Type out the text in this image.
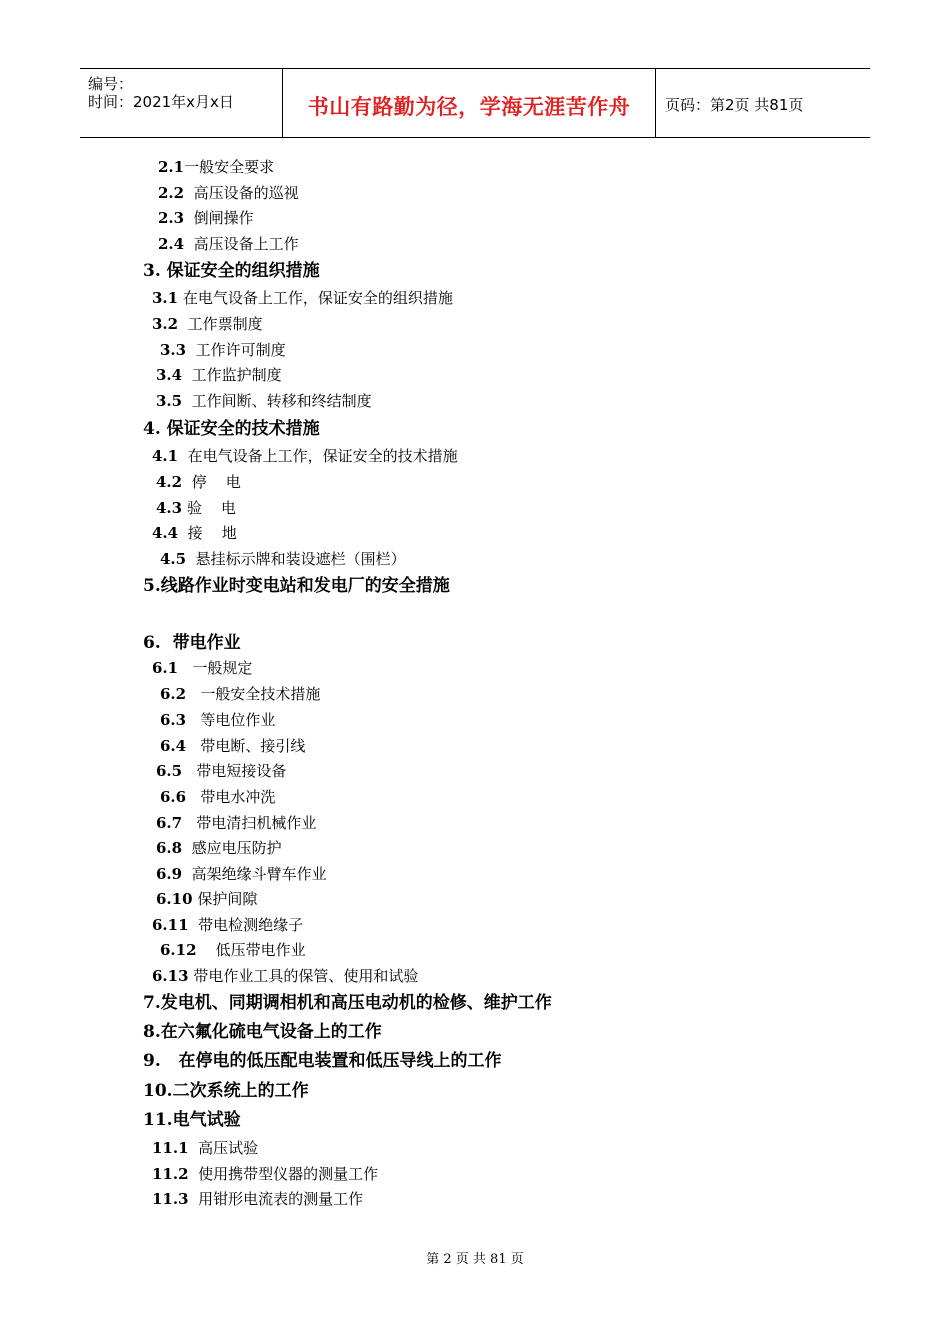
编号：
时间：2021年x月x日	书山有路勤为径，学海无涯苦作舟	页码：第2页 共81页
2.1一般安全要求
2.2  高压设备的巡视
2.3  倒闸操作
2.4  高压设备上工作
3. 保证安全的组织措施
3.1 在电气设备上工作，保证安全的组织措施
3.2  工作票制度
3.3  工作许可制度
3.4  工作监护制度
3.5  工作间断、转移和终结制度
4. 保证安全的技术措施
4.1  在电气设备上工作，保证安全的技术措施
4.2  停    电
4.3 验    电
4.4  接    地
4.5  悬挂标示牌和装设遮栏（围栏）
5.线路作业时变电站和发电厂的安全措施
6.  带电作业
6.1   一般规定
6.2   一般安全技术措施
6.3   等电位作业
6.4   带电断、接引线
6.5   带电短接设备
6.6   带电水冲洗
6.7   带电清扫机械作业
6.8  感应电压防护
6.9  高架绝缘斗臂车作业
6.10 保护间隙
6.11  带电检测绝缘子
6.12    低压带电作业
6.13 带电作业工具的保管、使用和试验
7.发电机、同期调相机和高压电动机的检修、维护工作
8.在六氟化硫电气设备上的工作
9.   在停电的低压配电装置和低压导线上的工作
10.二次系统上的工作
11.电气试验
11.1  高压试验
11.2  使用携带型仪器的测量工作
11.3  用钳形电流表的测量工作
第 2 页 共 81 页
